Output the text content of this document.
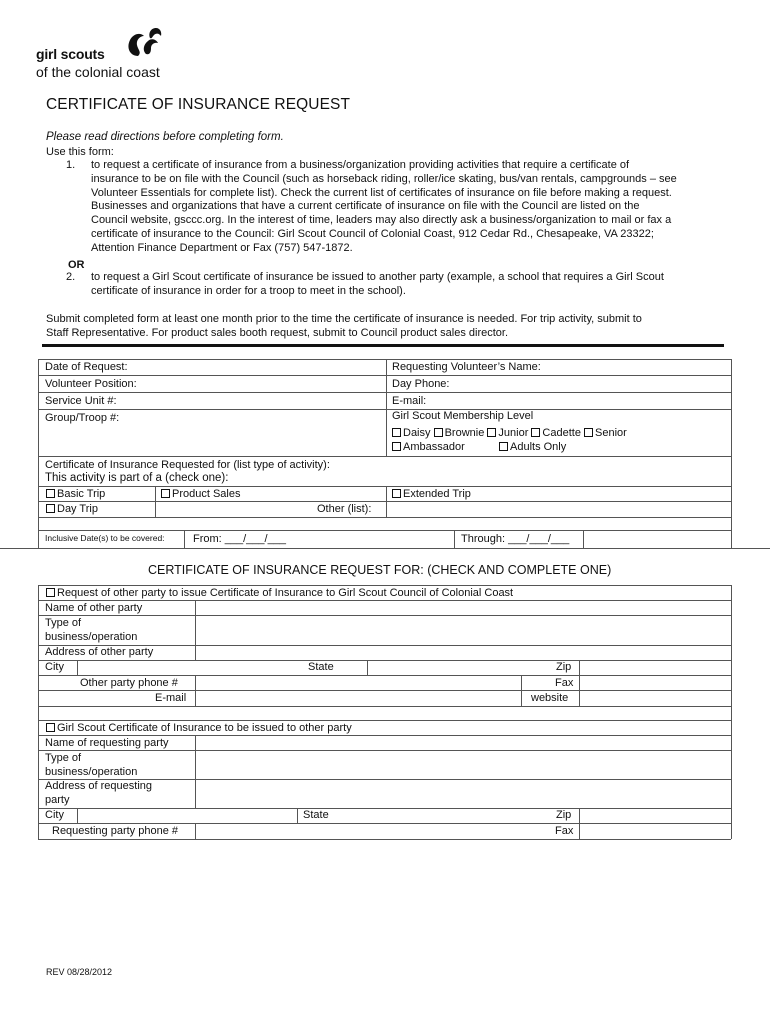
girl scouts
of the colonial coast
CERTIFICATE OF INSURANCE REQUEST
Please read directions before completing form.
Use this form:
1. to request a certificate of insurance from a business/organization providing activities that require a certificate of
insurance to be on file with the Council (such as horseback riding, roller/ice skating, bus/van rentals, campgrounds – see
Volunteer Essentials for complete list). Check the current list of certificates of insurance on file before making a request.
Businesses and organizations that have a current certificate of insurance on file with the Council are listed on the
Council website, gsccc.org. In the interest of time, leaders may also directly ask a business/organization to mail or fax a
certificate of insurance to the Council: Girl Scout Council of Colonial Coast, 912 Cedar Rd., Chesapeake, VA 23322;
Attention Finance Department or Fax (757) 547-1872.
OR
2. to request a Girl Scout certificate of insurance be issued to another party (example, a school that requires a Girl Scout
certificate of insurance in order for a troop to meet in the school).
Submit completed form at least one month prior to the time the certificate of insurance is needed. For trip activity, submit to
Staff Representative. For product sales booth request, submit to Council product sales director.
Date of Request:	Requesting Volunteer’s Name:
Volunteer Position:	Day Phone:
Service Unit #:	E-mail:
Group/Troop #:	Girl Scout Membership Level
Daisy Brownie Junior Cadette Senior
Ambassador	Adults Only
Certificate of Insurance Requested for (list type of activity):
This activity is part of a (check one):
Basic Trip	Product Sales	Extended Trip
Day Trip	Other (list):
Inclusive Date(s) to be covered:	From: ___/___/___	Through: ___/___/___
CERTIFICATE OF INSURANCE REQUEST FOR: (CHECK AND COMPLETE ONE)
Request of other party to issue Certificate of Insurance to Girl Scout Council of Colonial Coast
Name of other party
Type of
business/operation
Address of other party
City	State	Zip
Other party phone #	Fax
E-mail	website
Girl Scout Certificate of Insurance to be issued to other party
Name of requesting party
Type of
business/operation
Address of requesting
party
City	State	Zip
Requesting party phone #	Fax
REV 08/28/2012
